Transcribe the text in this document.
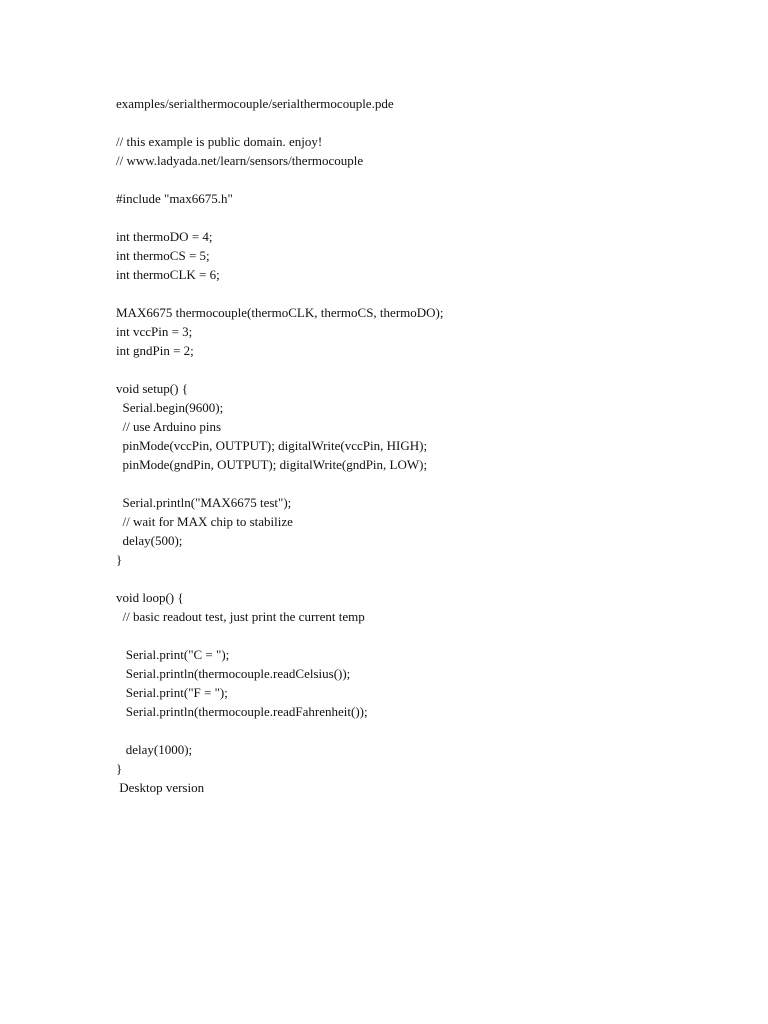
examples/serialthermocouple/serialthermocouple.pde
// this example is public domain. enjoy!
// www.ladyada.net/learn/sensors/thermocouple
#include "max6675.h"
int thermoDO = 4;
int thermoCS = 5;
int thermoCLK = 6;
MAX6675 thermocouple(thermoCLK, thermoCS, thermoDO);
int vccPin = 3;
int gndPin = 2;
void setup() {
Serial.begin(9600);
// use Arduino pins
pinMode(vccPin, OUTPUT); digitalWrite(vccPin, HIGH);
pinMode(gndPin, OUTPUT); digitalWrite(gndPin, LOW);
Serial.println("MAX6675 test");
// wait for MAX chip to stabilize
delay(500);
}
void loop() {
// basic readout test, just print the current temp
Serial.print("C = ");
Serial.println(thermocouple.readCelsius());
Serial.print("F = ");
Serial.println(thermocouple.readFahrenheit());
delay(1000);
}
Desktop version
